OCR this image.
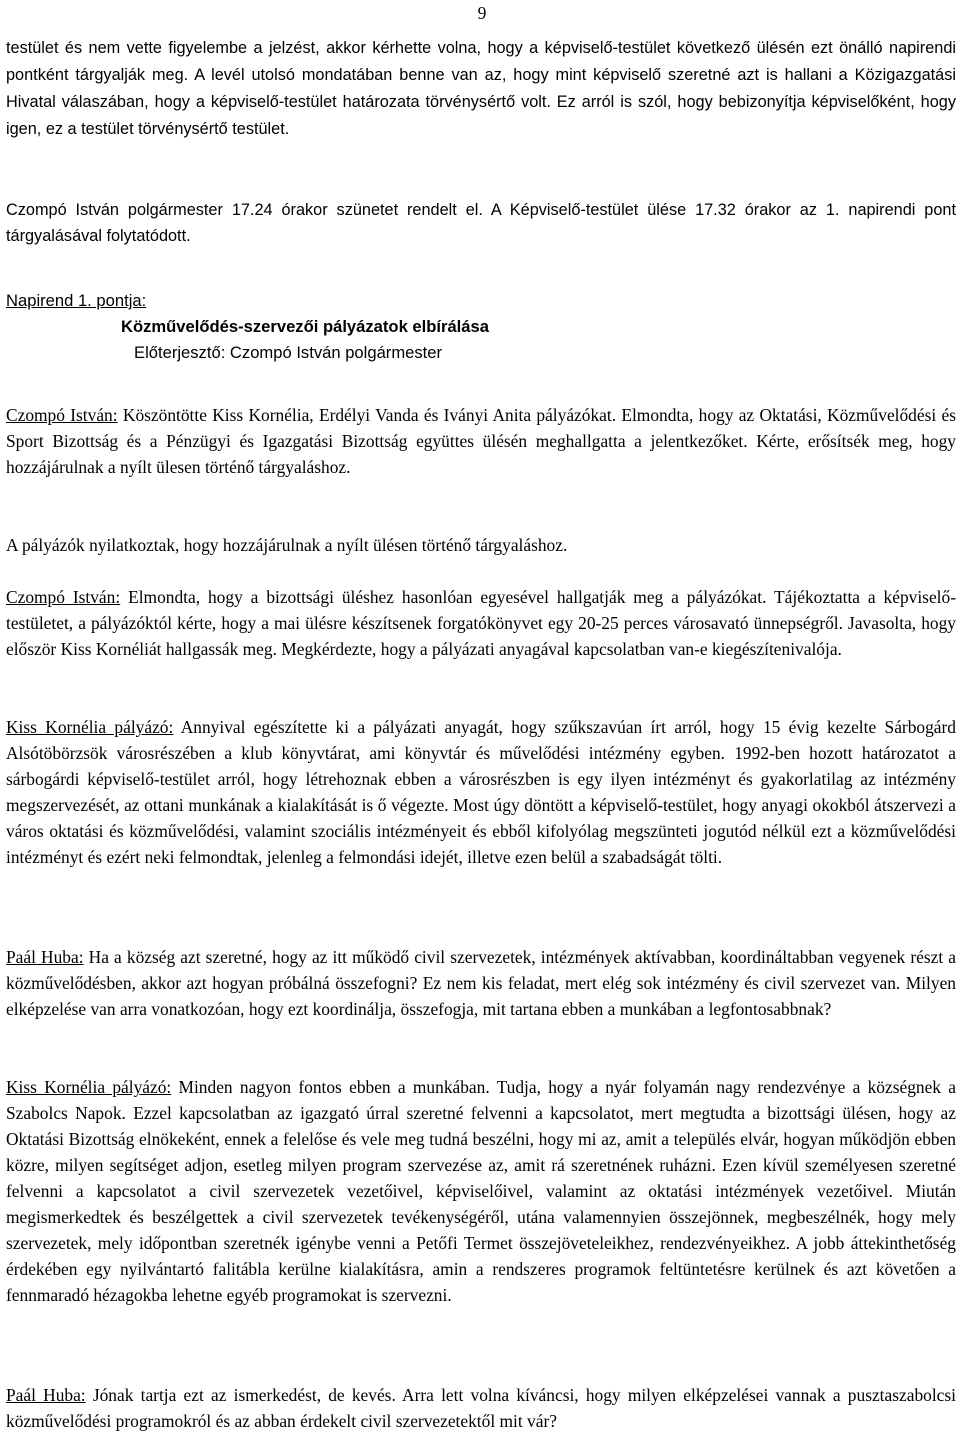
9

testület és nem vette figyelembe a jelzést, akkor kérhette volna, hogy a képviselő-testület következő ülésén ezt önálló napirendi pontként tárgyalják meg. A levél utolsó mondatában benne van az, hogy mint képviselő szeretné azt is hallani a Közigazgatási Hivatal válaszában, hogy a képviselő-testület határozata törvénysértő volt. Ez arról is szól, hogy bebizonyítja képviselőként, hogy igen, ez a testület törvénysértő testület.

Czompó István polgármester 17.24 órakor szünetet rendelt el. A Képviselő-testület ülése 17.32 órakor az 1. napirendi pont tárgyalásával folytatódott.

Napirend 1. pontja:
Közművelődés-szervezői pályázatok elbírálása
Előterjesztő: Czompó István polgármester

Czompó István: Köszöntötte Kiss Kornélia, Erdélyi Vanda és Iványi Anita pályázókat. Elmondta, hogy az Oktatási, Közművelődési és Sport Bizottság és a Pénzügyi és Igazgatási Bizottság együttes ülésén meghallgatta a jelentkezőket. Kérte, erősítsék meg, hogy hozzájárulnak a nyílt ülesen történő tárgyaláshoz.

A pályázók nyilatkoztak, hogy hozzájárulnak a nyílt ülésen történő tárgyaláshoz.

Czompó István: Elmondta, hogy a bizottsági üléshez hasonlóan egyesével hallgatják meg a pályázókat. Tájékoztatta a képviselő-testületet, a pályázóktól kérte, hogy a mai ülésre készítsenek forgatókönyvet egy 20-25 perces városavató ünnepségről. Javasolta, hogy először Kiss Kornéliát hallgassák meg. Megkérdezte, hogy a pályázati anyagával kapcsolatban van-e kiegészítenivalója.

Kiss Kornélia pályázó: Annyival egészítette ki a pályázati anyagát, hogy szűkszavúan írt arról, hogy 15 évig kezelte Sárbogárd Alsótöbörzsök városrészében a klub könyvtárat, ami könyvtár és művelődési intézmény egyben. 1992-ben hozott határozatot a sárbogárdi képviselő-testület arról, hogy létrehoznak ebben a városrészben is egy ilyen intézményt és gyakorlatilag az intézmény megszervezését, az ottani munkának a kialakítását is ő végezte. Most úgy döntött a képviselő-testület, hogy anyagi okokból átszervezi a város oktatási és közművelődési, valamint szociális intézményeit és ebből kifolyólag megszünteti jogutód nélkül ezt a közművelődési intézményt és ezért neki felmondtak, jelenleg a felmondási idejét, illetve ezen belül a szabadságát tölti.

Paál Huba: Ha a község azt szeretné, hogy az itt működő civil szervezetek, intézmények aktívabban, koordináltabban vegyenek részt a közművelődésben, akkor azt hogyan próbálná összefogni? Ez nem kis feladat, mert elég sok intézmény és civil szervezet van. Milyen elképzelése van arra vonatkozóan, hogy ezt koordinálja, összefogja, mit tartana ebben a munkában a legfontosabbnak?

Kiss Kornélia pályázó: Minden nagyon fontos ebben a munkában. Tudja, hogy a nyár folyamán nagy rendezvénye a községnek a Szabolcs Napok. Ezzel kapcsolatban az igazgató úrral szeretné felvenni a kapcsolatot, mert megtudta a bizottsági ülésen, hogy az Oktatási Bizottság elnökeként, ennek a felelőse és vele meg tudná beszélni, hogy mi az, amit a település elvár, hogyan működjön ebben közre, milyen segítséget adjon, esetleg milyen program szervezése az, amit rá szeretnének ruházni. Ezen kívül személyesen szeretné felvenni a kapcsolatot a civil szervezetek vezetőivel, képviselőivel, valamint az oktatási intézmények vezetőivel. Miután megismerkedtek és beszélgettek a civil szervezetek tevékenységéről, utána valamennyien összejönnek, megbeszélnék, hogy mely szervezetek, mely időpontban szeretnék igénybe venni a Petőfi Termet összejöveteleikhez, rendezvényeikhez. A jobb áttekinthetőség érdekében egy nyilvántartó falitábla kerülne kialakításra, amin a rendszeres programok feltüntetésre kerülnek és azt követően a fennmaradó hézagokba lehetne egyéb programokat is szervezni.

Paál Huba: Jónak tartja ezt az ismerkedést, de kevés. Arra lett volna kíváncsi, hogy milyen elképzelései vannak a pusztaszabolcsi közművelődési programokról és az abban érdekelt civil szervezetektől mit vár?
